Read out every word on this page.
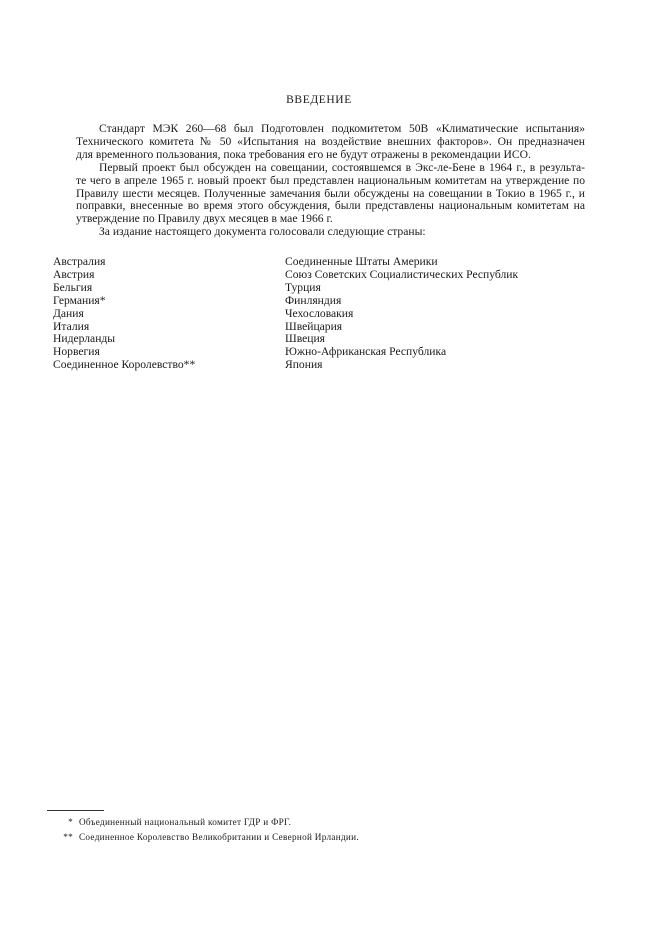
ВВЕДЕНИЕ
Стандарт МЭК 260—68 был Подготовлен подкомитетом 50В «Климатические испытания»
Технического комитета № 50 «Испытания на воздействие внешних факторов». Он предназначен
для временного пользования, пока требования его не будут отражены в рекомендации ИСО.
Первый проект был обсужден на совещании, состоявшемся в Экс-ле-Бене в 1964 г., в результа-
те чего в апреле 1965 г. новый проект был представлен национальным комитетам на утверждение по
Правилу шести месяцев. Полученные замечания были обсуждены на совещании в Токио в 1965 г., и
поправки, внесенные во время этого обсуждения, были представлены национальным комитетам на
утверждение по Правилу двух месяцев в мае 1966 г.
За издание настоящего документа голосовали следующие страны:
Австралия
Австрия
Бельгия
Германия*
Дания
Италия
Нидерланды
Норвегия
Соединенное Королевство**
Соединенные Штаты Америки
Союз Советских Социалистических Республик
Турция
Финляндия
Чехословакия
Швейцария
Швеция
Южно-Африканская Республика
Япония
* Объединенный национальный комитет ГДР и ФРГ.
** Соединенное Королевство Великобритании и Северной Ирландии.
